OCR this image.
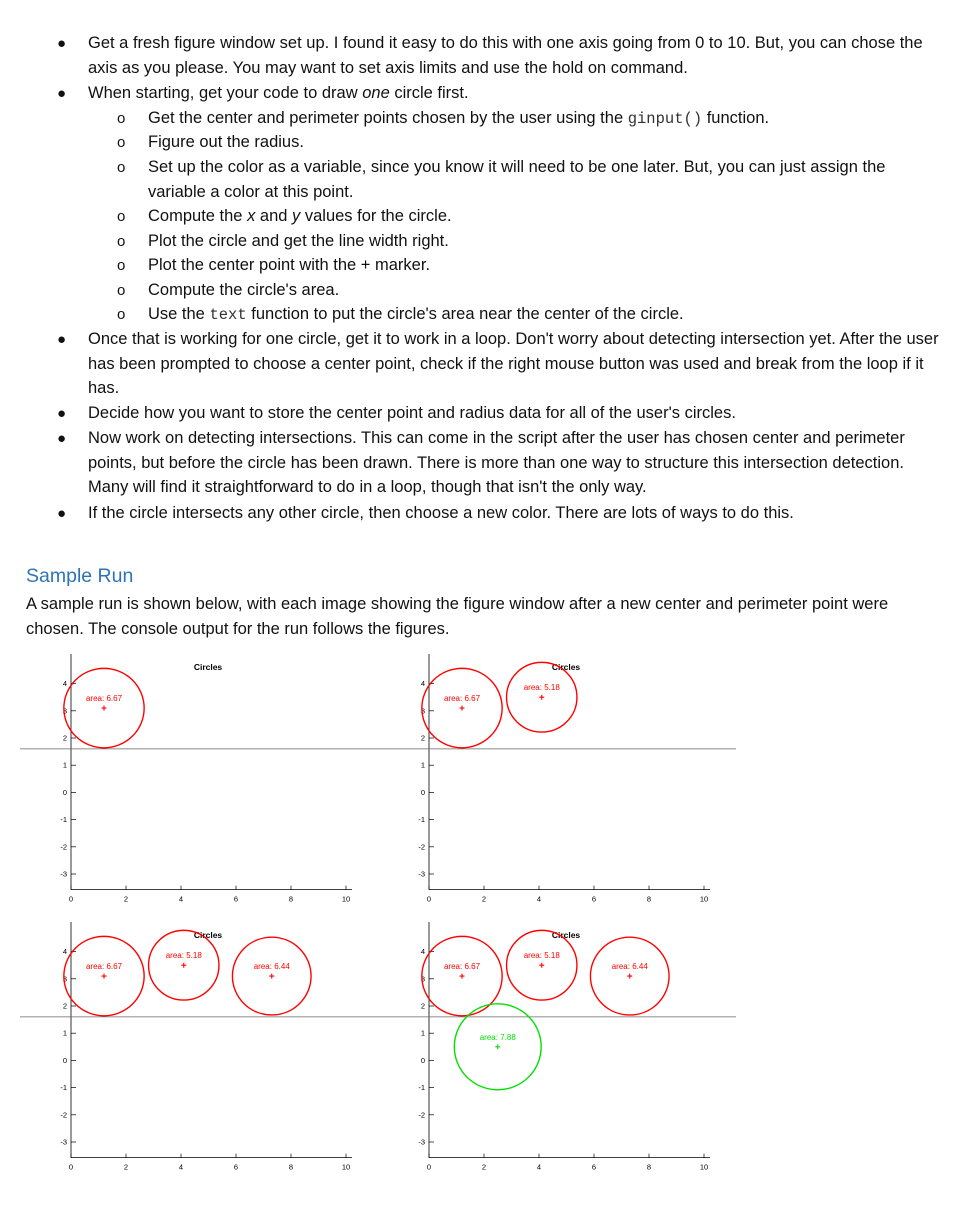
● Get a fresh figure window set up. I found it easy to do this with one axis going from 0 to 10. But, you can chose the axis as you please. You may want to set axis limits and use the hold on command.
● When starting, get your code to draw one circle first.
o Get the center and perimeter points chosen by the user using the ginput() function.
o Figure out the radius.
o Set up the color as a variable, since you know it will need to be one later. But, you can just assign the variable a color at this point.
o Compute the x and y values for the circle.
o Plot the circle and get the line width right.
o Plot the center point with the + marker.
o Compute the circle's area.
o Use the text function to put the circle's area near the center of the circle.
● Once that is working for one circle, get it to work in a loop. Don't worry about detecting intersection yet. After the user has been prompted to choose a center point, check if the right mouse button was used and break from the loop if it has.
● Decide how you want to store the center point and radius data for all of the user's circles.
● Now work on detecting intersections. This can come in the script after the user has chosen center and perimeter points, but before the circle has been drawn. There is more than one way to structure this intersection detection. Many will find it straightforward to do in a loop, though that isn't the only way.
● If the circle intersects any other circle, then choose a new color. There are lots of ways to do this.
Sample Run
A sample run is shown below, with each image showing the figure window after a new center and perimeter point were chosen. The console output for the run follows the figures.
Circles
4
3
2
1
0
-1
-2
-3
0	2	4	6	8	10
area: 6.67
Circles
4
3
2
1
0
-1
-2
-3
0	2	4	6	8	10
area: 6.67
area: 5.18
Circles
4
3
2
1
0
-1
-2
-3
0	2	4	6	8	10
area: 6.67
area: 5.18
area: 6.44
Circles
4
3
2
1
0
-1
-2
-3
0	2	4	6	8	10
area: 6.67
area: 5.18
area: 6.44
area: 7.88
